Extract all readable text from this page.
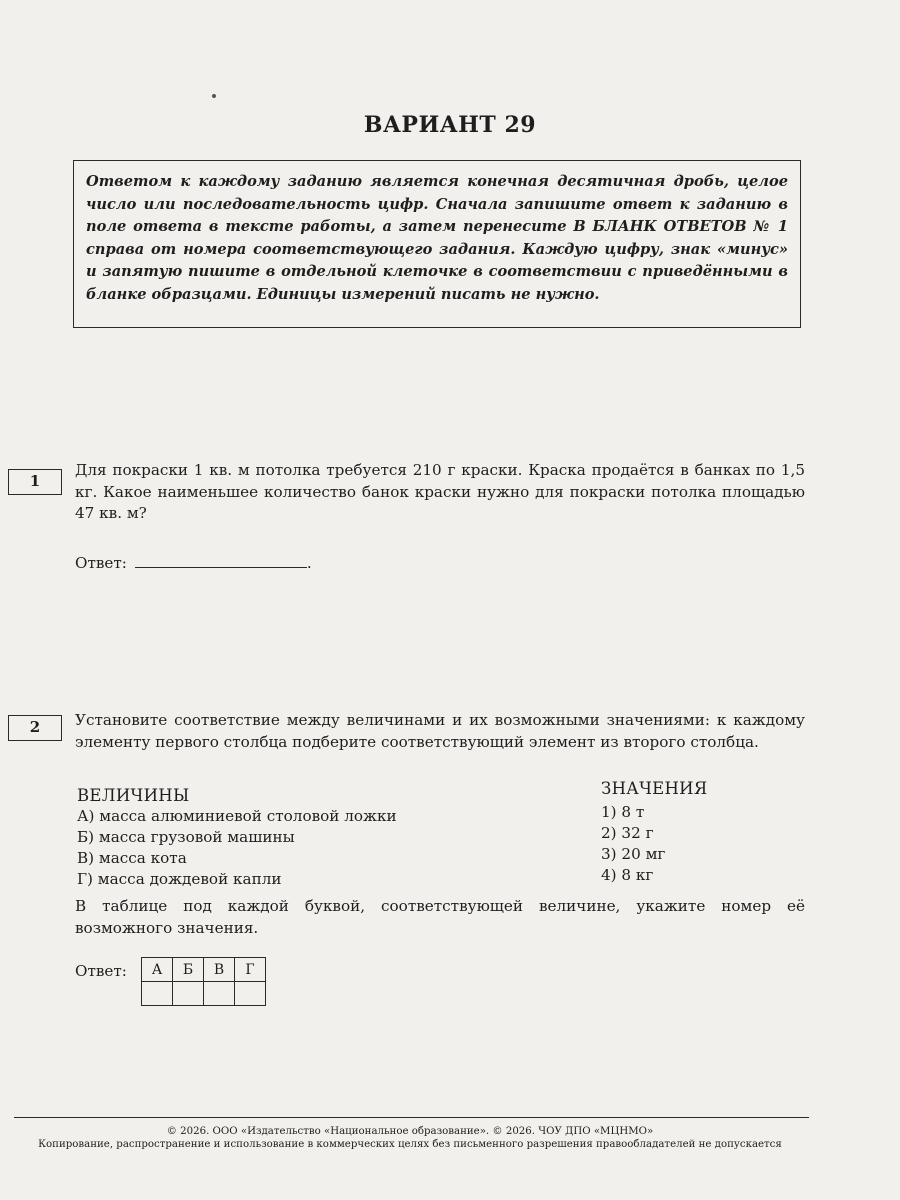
ВАРИАНТ 29
Ответом к каждому заданию является конечная десятичная дробь, целое число или последовательность цифр. Сначала запишите ответ к заданию в поле ответа в тексте работы, а затем перенесите В БЛАНК ОТВЕТОВ № 1 справа от номера соответствующего задания. Каждую цифру, знак «минус» и запятую пишите в отдельной клеточке в соответствии с приведёнными в бланке образцами. Единицы измерений писать не нужно.
1
Для покраски 1 кв. м потолка требуется 210 г краски. Краска продаётся в банках по 1,5 кг. Какое наименьшее количество банок краски нужно для покраски потолка площадью 47 кв. м?
Ответ:	.
2	Установите соответствие между величинами и их возможными значениями: к каждому элементу первого столбца подберите соответствующий элемент из второго столбца.
ВЕЛИЧИНЫ
А) масса алюминиевой столовой ложки
Б) масса грузовой машины
В) масса кота
Г) масса дождевой капли
ЗНАЧЕНИЯ
1) 8 т
2) 32 г
3) 20 мг
4) 8 кг
В таблице под каждой буквой, соответствующей величине, укажите номер её возможного значения.
Ответ: А	Б	В	Г

© 2026. ООО «Издательство «Национальное образование». © 2026. ЧОУ ДПО «МЦНМО»
Копирование, распространение и использование в коммерческих целях без письменного разрешения правообладателей не допускается
